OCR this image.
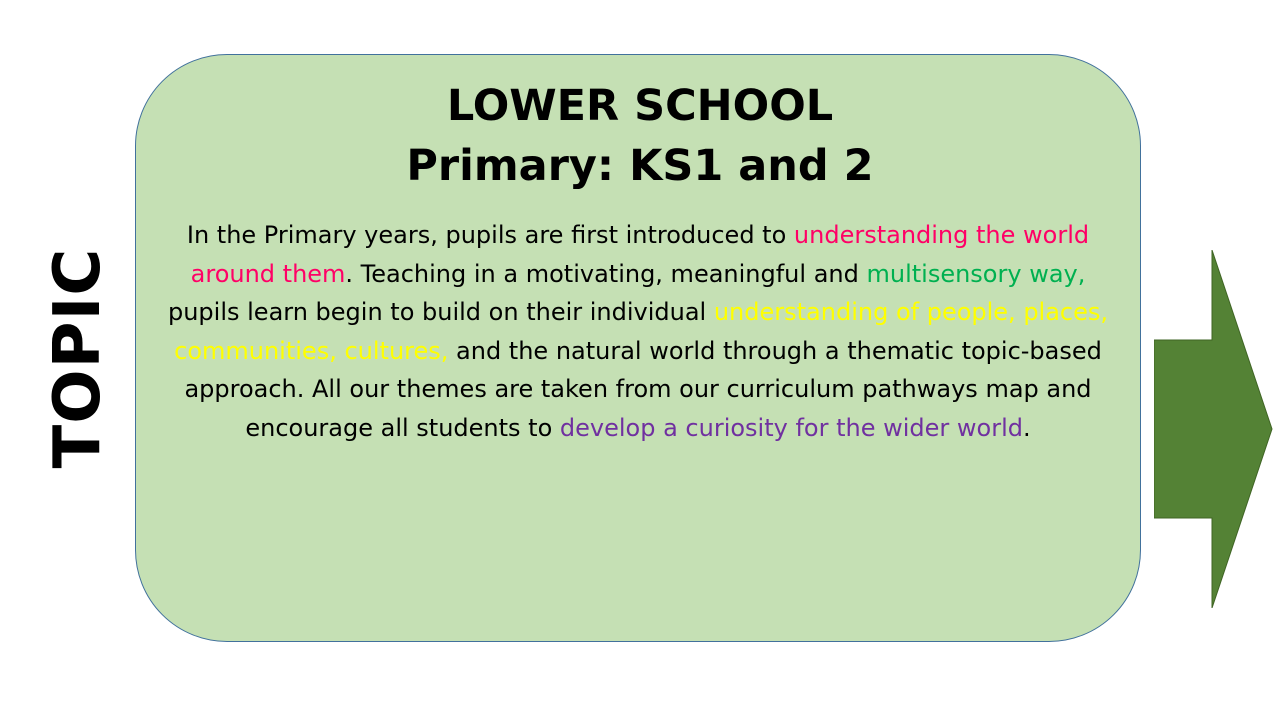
TOPIC
LOWER SCHOOL
Primary: KS1 and 2

In the Primary years, pupils are first introduced to understanding the world around them. Teaching in a motivating, meaningful and multisensory way, pupils learn begin to build on their individual understanding of people, places, communities, cultures, and the natural world through a thematic topic-based approach. All our themes are taken from our curriculum pathways map and encourage all students to develop a curiosity for the wider world.
